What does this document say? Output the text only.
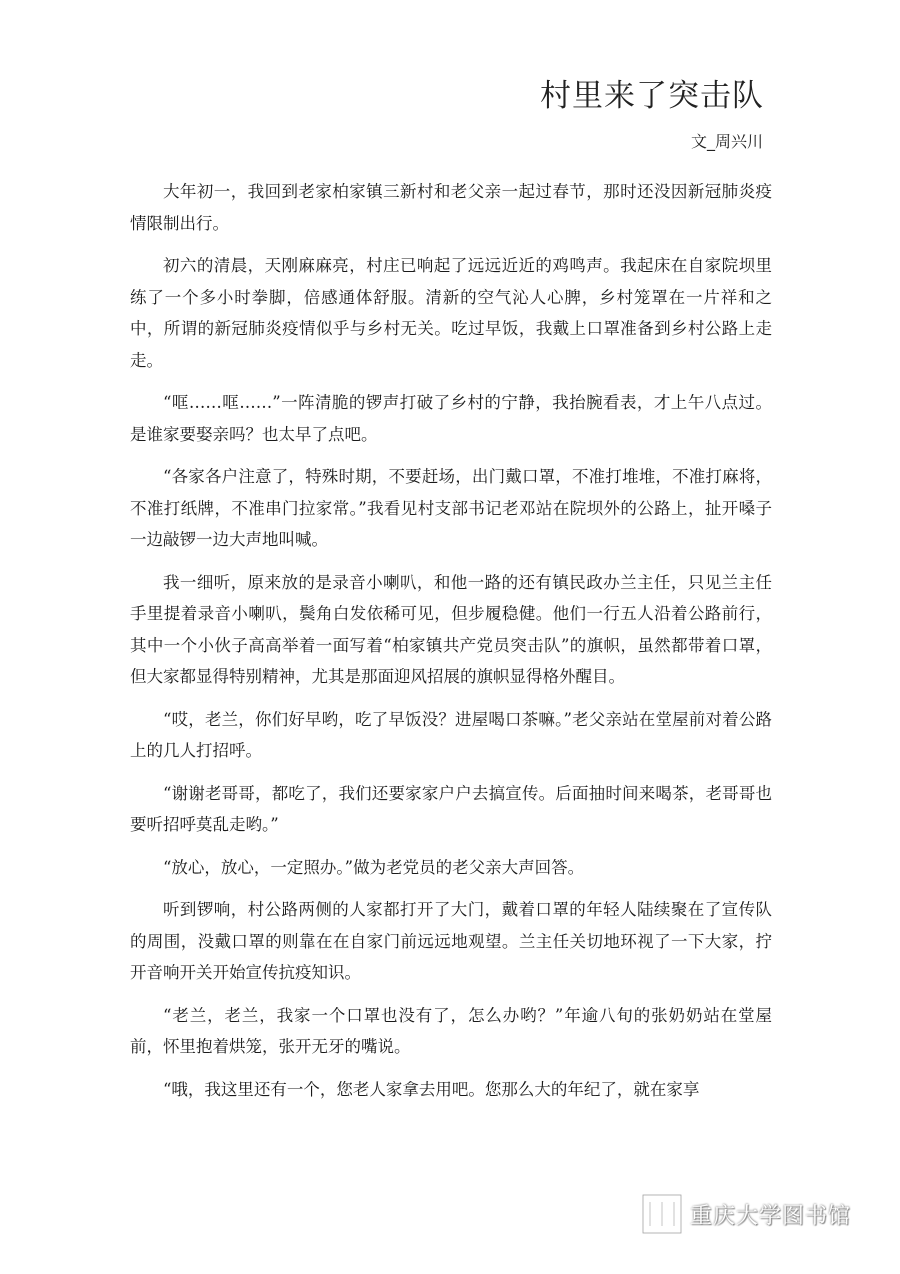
村里来了突击队
文_周兴川

大年初一，我回到老家柏家镇三新村和老父亲一起过春节，那时还没因新冠肺炎疫情限制出行。

初六的清晨，天刚麻麻亮，村庄已响起了远远近近的鸡鸣声。我起床在自家院坝里练了一个多小时拳脚，倍感通体舒服。清新的空气沁人心脾，乡村笼罩在一片祥和之中，所谓的新冠肺炎疫情似乎与乡村无关。吃过早饭，我戴上口罩准备到乡村公路上走走。

“哐……哐……”一阵清脆的锣声打破了乡村的宁静，我抬腕看表，才上午八点过。是谁家要娶亲吗？也太早了点吧。

“各家各户注意了，特殊时期，不要赶场，出门戴口罩，不准打堆堆，不准打麻将，不准打纸牌，不准串门拉家常。”我看见村支部书记老邓站在院坝外的公路上，扯开嗓子一边敲锣一边大声地叫喊。

我一细听，原来放的是录音小喇叭，和他一路的还有镇民政办兰主任，只见兰主任手里提着录音小喇叭，鬓角白发依稀可见，但步履稳健。他们一行五人沿着公路前行，其中一个小伙子高高举着一面写着“柏家镇共产党员突击队”的旗帜，虽然都带着口罩，但大家都显得特别精神，尤其是那面迎风招展的旗帜显得格外醒目。

“哎，老兰，你们好早哟，吃了早饭没？进屋喝口茶嘛。”老父亲站在堂屋前对着公路上的几人打招呼。

“谢谢老哥哥，都吃了，我们还要家家户户去搞宣传。后面抽时间来喝茶，老哥哥也要听招呼莫乱走哟。”

“放心，放心，一定照办。”做为老党员的老父亲大声回答。

听到锣响，村公路两侧的人家都打开了大门，戴着口罩的年轻人陆续聚在了宣传队的周围，没戴口罩的则靠在在自家门前远远地观望。兰主任关切地环视了一下大家，拧开音响开关开始宣传抗疫知识。

“老兰，老兰，我家一个口罩也没有了，怎么办哟？”年逾八旬的张奶奶站在堂屋前，怀里抱着烘笼，张开无牙的嘴说。

“哦，我这里还有一个，您老人家拿去用吧。您那么大的年纪了，就在家享

重庆大学图书馆
